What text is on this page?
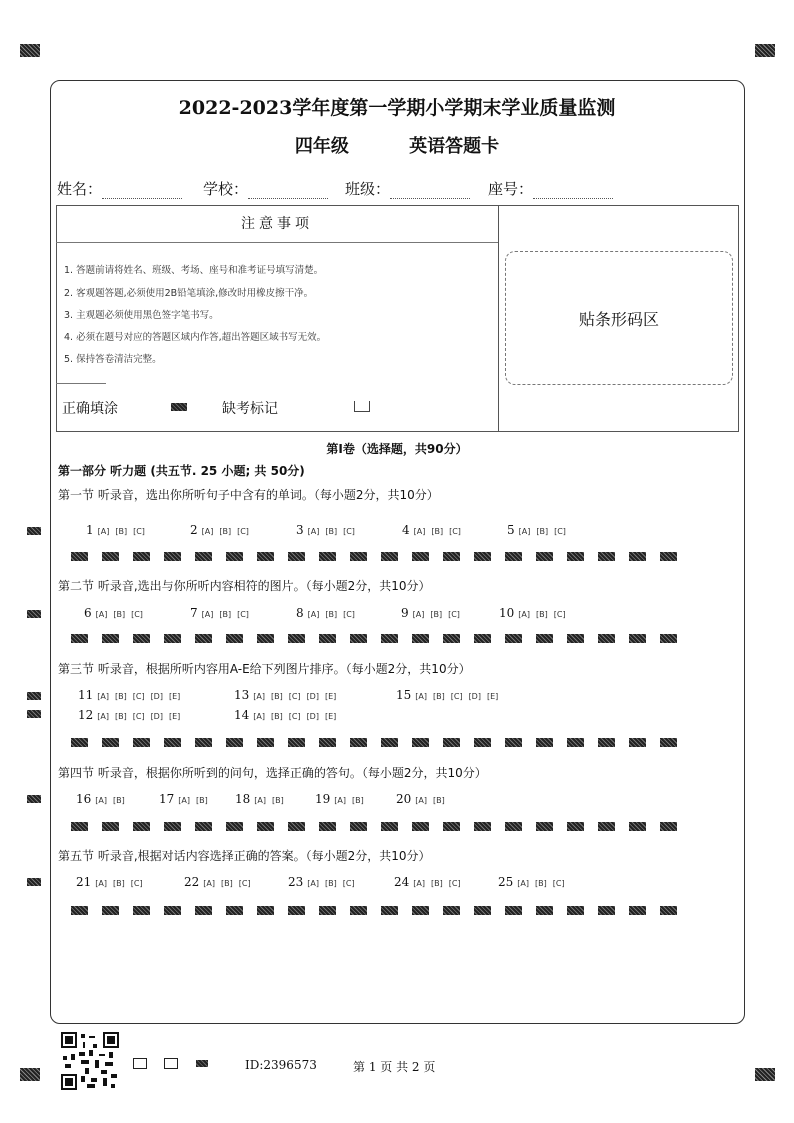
2022-2023学年度第一学期小学期末学业质量监测
四年级	英语答题卡
姓名：	学校：	班级：	座号：
注意事项
1. 答题前请将姓名、班级、考场、座号和准考证号填写清楚。
2. 客观题答题,必须使用2B铅笔填涂,修改时用橡皮擦干净。
3. 主观题必须使用黑色签字笔书写。
4. 必须在题号对应的答题区域内作答,超出答题区域书写无效。
5. 保持答卷清洁完整。
贴条形码区
正确填涂	缺考标记
第Ⅰ卷（选择题，共90分）
第一部分 听力题 (共五节. 25 小题; 共 50分)
第一节 听录音，选出你所听句子中含有的单词。（每小题2分，共10分）
1 [A] [B] [C]	2 [A] [B] [C]	3 [A] [B] [C]	4 [A] [B] [C]	5 [A] [B] [C]
第二节 听录音,选出与你所听内容相符的图片。（每小题2分，共10分）
6 [A] [B] [C]	7 [A] [B] [C]	8 [A] [B] [C]	9 [A] [B] [C]	10 [A] [B] [C]
第三节 听录音，根据所听内容用A-E给下列图片排序。（每小题2分，共10分）
11 [A] [B] [C] [D] [E]	13 [A] [B] [C] [D] [E]	15 [A] [B] [C] [D] [E]
12 [A] [B] [C] [D] [E]	14 [A] [B] [C] [D] [E]
第四节 听录音，根据你所听到的问句，选择正确的答句。（每小题2分，共10分）
16 [A] [B]	17 [A] [B]	18 [A] [B]	19 [A] [B]	20 [A] [B]
第五节 听录音,根据对话内容选择正确的答案。（每小题2分，共10分）
21 [A] [B] [C]	22 [A] [B] [C]	23 [A] [B] [C]	24 [A] [B] [C]	25 [A] [B] [C]
ID:2396573	第 1 页 共 2 页
